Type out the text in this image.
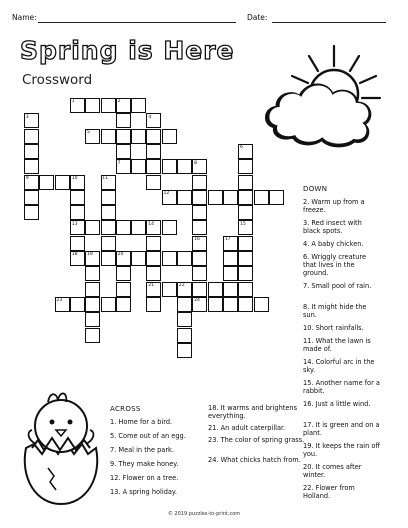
Name:	Date:
Spring is Here
Crossword
1	2
3	4
5
6
7	8
9	10	11
12
13	14	15
16	17
18 19	20
21	22
23	24
DOWN
2. Warm up from a freeze.
3. Red insect with black spots.
4. A baby chicken.
6. Wriggly creature that lives in the ground.
7. Small pool of rain.
8. It might hide the sun.
10. Short rainfalls.
11. What the lawn is made of.
14. Colorful arc in the sky.
15. Another name for a rabbit.
16. Just a little wind.
17. It is green and on a plant.
19. It keeps the rain off you.
20. It comes after winter.
22. Flower from Holland.
ACROSS
1. Home for a bird.
5. Come out of an egg.
7. Meal in the park.
9. They make honey.
12. Flower on a tree.
13. A spring holiday.
18. It warms and brightens everything.
21. An adult caterpillar.
23. The color of spring grass.
24. What chicks hatch from.
© 2019 puzzles-to-print.com
